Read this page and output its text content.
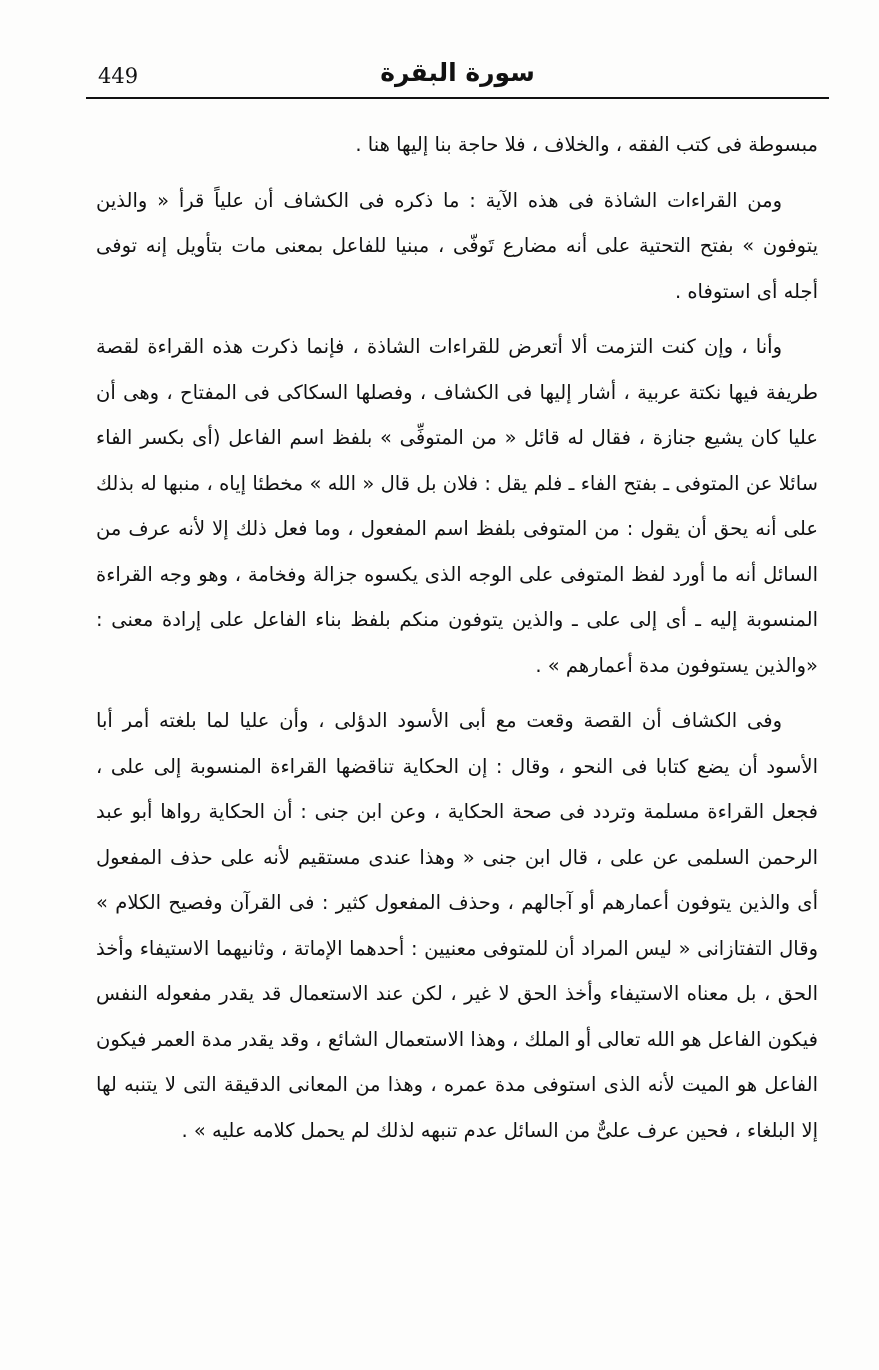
449	سورة البقرة

مبسوطة فى كتب الفقه ، والخلاف ، فلا حاجة بنا إليها هنا .

ومن القراءات الشاذة فى هذه الآية : ما ذكره فى الكشاف أن علياً قرأ « والذين يتوفون » بفتح التحتية على أنه مضارع تَوفّى ، مبنيا للفاعل بمعنى مات بتأويل إنه توفى أجله أى استوفاه .

وأنا ، وإن كنت التزمت ألا أتعرض للقراءات الشاذة ، فإنما ذكرت هذه القراءة لقصة طريفة فيها نكتة عربية ، أشار إليها فى الكشاف ، وفصلها السكاكى فى المفتاح ، وهى أن عليا كان يشيع جنازة ، فقال له قائل « من المتوفِّى » بلفظ اسم الفاعل (أى بكسر الفاء سائلا عن المتوفى ـ بفتح الفاء ـ فلم يقل : فلان بل قال « الله » مخطئا إياه ، منبها له بذلك على أنه يحق أن يقول : من المتوفى بلفظ اسم المفعول ، وما فعل ذلك إلا لأنه عرف من السائل أنه ما أورد لفظ المتوفى على الوجه الذى يكسوه جزالة وفخامة ، وهو وجه القراءة المنسوبة إليه ـ أى إلى على ـ والذين يتوفون منكم بلفظ بناء الفاعل على إرادة معنى : «والذين يستوفون مدة أعمارهم » .

وفى الكشاف أن القصة وقعت مع أبى الأسود الدؤلى ، وأن عليا لما بلغته أمر أبا الأسود أن يضع كتابا فى النحو ، وقال : إن الحكاية تناقضها القراءة المنسوبة إلى على ، فجعل القراءة مسلمة وتردد فى صحة الحكاية ، وعن ابن جنى : أن الحكاية رواها أبو عبد الرحمن السلمى عن على ، قال ابن جنى « وهذا عندى مستقيم لأنه على حذف المفعول أى والذين يتوفون أعمارهم أو آجالهم ، وحذف المفعول كثير : فى القرآن وفصيح الكلام » وقال التفتازانى « ليس المراد أن للمتوفى معنيين : أحدهما الإماتة ، وثانيهما الاستيفاء وأخذ الحق ، بل معناه الاستيفاء وأخذ الحق لا غير ، لكن عند الاستعمال قد يقدر مفعوله النفس فيكون الفاعل هو الله تعالى أو الملك ، وهذا الاستعمال الشائع ، وقد يقدر مدة العمر فيكون الفاعل هو الميت لأنه الذى استوفى مدة عمره ، وهذا من المعانى الدقيقة التى لا يتنبه لها إلا البلغاء ، فحين عرف علىٌّ من السائل عدم تنبهه لذلك لم يحمل كلامه عليه » .
